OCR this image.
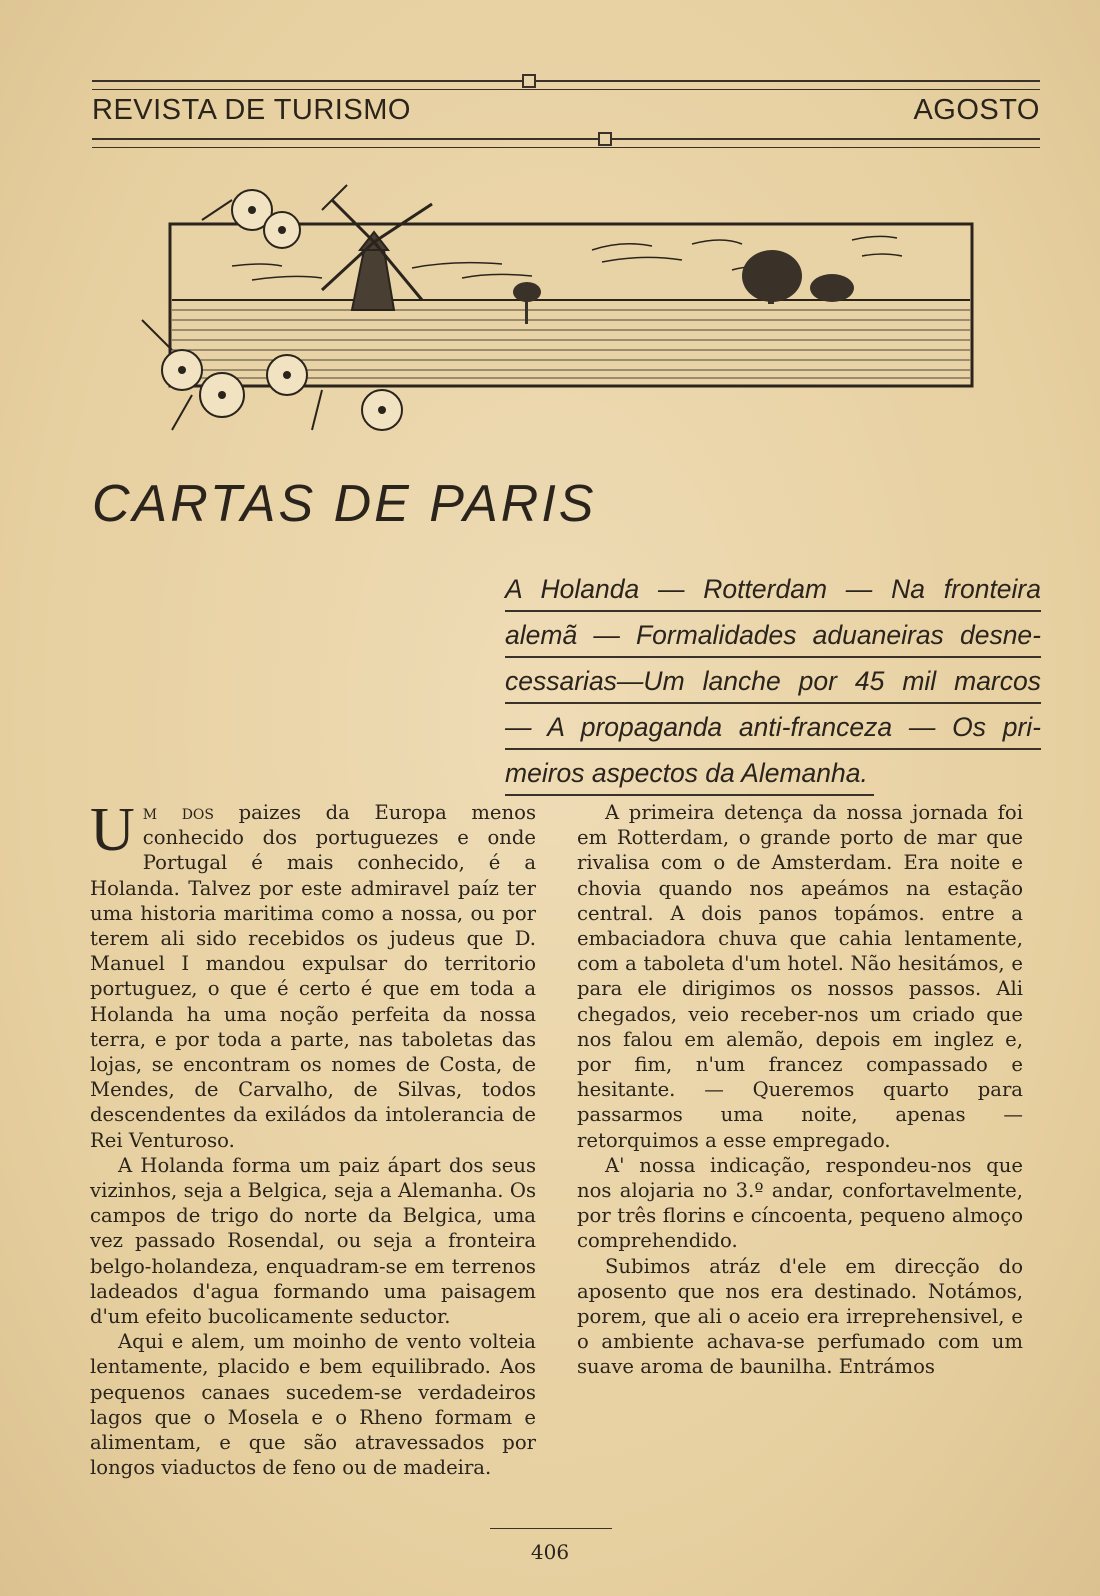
REVISTA DE TURISMO	AGOSTO
CARTAS DE PARIS
A Holanda — Rotterdam — Na fronteira
alemã — Formalidades aduaneiras desne-
cessarias—Um lanche por 45 mil marcos
— A propaganda anti-franceza — Os pri-
meiros aspectos da Alemanha.

Um dos paizes da Europa menos conhecido dos portuguezes e onde Portugal é mais conhecido, é a Holanda. Talvez por este admiravel paíz ter uma historia maritima como a nossa, ou por terem ali sido recebidos os judeus que D. Manuel I mandou expulsar do territorio portuguez, o que é certo é que em toda a Holanda ha uma noção perfeita da nossa terra, e por toda a parte, nas taboletas das lojas, se encontram os nomes de Costa, de Mendes, de Carvalho, de Silvas, todos descendentes da exiládos da intolerancia de Rei Venturoso.

A Holanda forma um paiz ápart dos seus vizinhos, seja a Belgica, seja a Alemanha. Os campos de trigo do norte da Belgica, uma vez passado Rosendal, ou seja a fronteira belgo-holandeza, enquadram-se em terrenos ladeados d'agua formando uma paisagem d'um efeito bucolicamente seductor.

Aqui e alem, um moinho de vento volteia lentamente, placido e bem equilibrado. Aos pequenos canaes sucedem-se verdadeiros lagos que o Mosela e o Rheno formam e alimentam, e que são atravessados por longos viaductos de feno ou de madeira.

A primeira detença da nossa jornada foi em Rotterdam, o grande porto de mar que rivalisa com o de Amsterdam. Era noite e chovia quando nos apeámos na estação central. A dois panos topámos. entre a embaciadora chuva que cahia lentamente, com a taboleta d'um hotel. Não hesitámos, e para ele dirigimos os nossos passos. Ali chegados, veio receber-nos um criado que nos falou em alemão, depois em inglez e, por fim, n'um francez compassado e hesitante. — Queremos quarto para passarmos uma noite, apenas — retorquimos a esse empregado.

A' nossa indicação, respondeu-nos que nos alojaria no 3.º andar, confortavelmente, por três florins e cíncoenta, pequeno almoço comprehendido.

Subimos atráz d'ele em direcção do aposento que nos era destinado. Notámos, porem, que ali o aceio era irreprehensivel, e o ambiente achava-se perfumado com um suave aroma de baunilha. Entrámos

406
